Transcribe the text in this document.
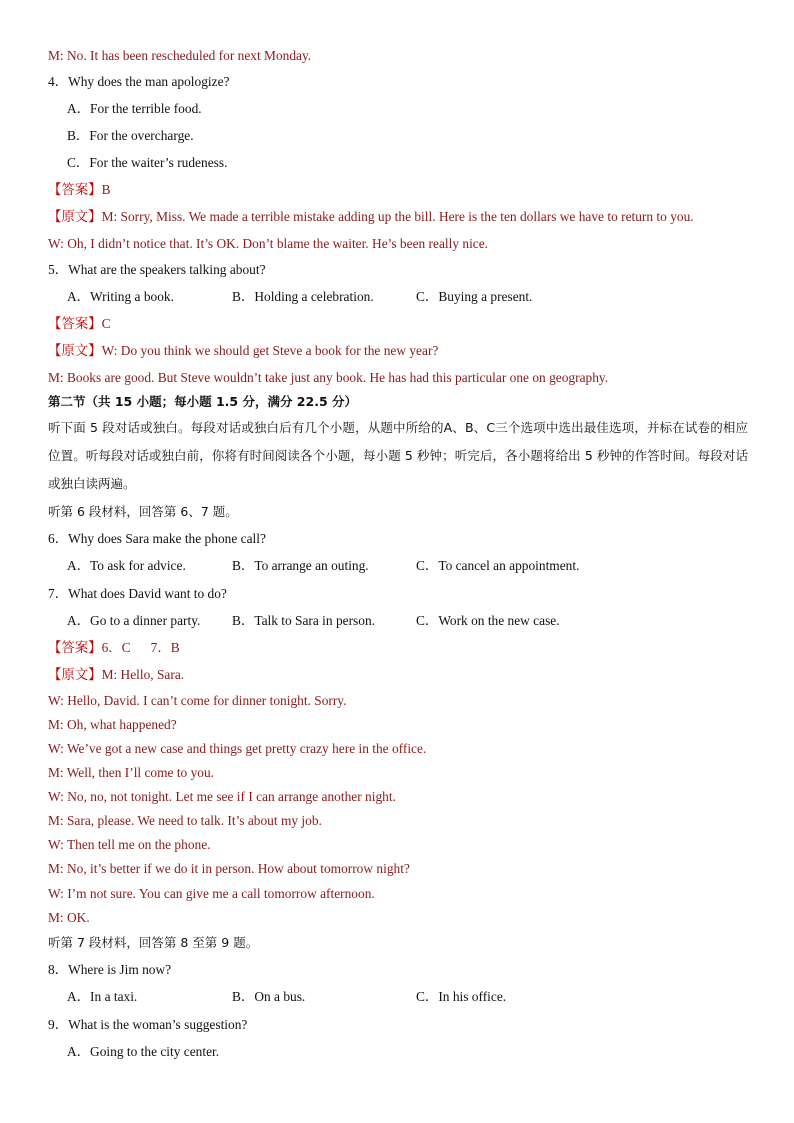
M: No. It has been rescheduled for next Monday.
4．Why does the man apologize?
A．For the terrible food.
B．For the overcharge.
C．For the waiter’s rudeness.
【答案】B
【原文】M: Sorry, Miss. We made a terrible mistake adding up the bill. Here is the ten dollars we have to return to you.
W: Oh, I didn’t notice that. It’s OK. Don’t blame the waiter. He’s been really nice.
5．What are the speakers talking about?
A．Writing a book.	B．Holding a celebration.	C．Buying a present.
【答案】C
【原文】W: Do you think we should get Steve a book for the new year?
M: Books are good. But Steve wouldn’t take just any book. He has had this particular one on geography.
第二节（共 15 小题；每小题 1.5 分，满分 22.5 分）
听下面 5 段对话或独白。每段对话或独白后有几个小题，从题中所给的A、B、C三个选项中选出最佳选项，并标在试卷的相应位置。听每段对话或独白前，你将有时间阅读各个小题，每小题 5 秒钟；听完后，各小题将给出 5 秒钟的作答时间。每段对话或独白读两遍。
听第 6 段材料，回答第 6、7 题。
6．Why does Sara make the phone call?
A．To ask for advice.	B．To arrange an outing.	C．To cancel an appointment.
7．What does David want to do?
A．Go to a dinner party. B．Talk to Sara in person.	C．Work on the new case.
【答案】6．C      7．B
【原文】M: Hello, Sara.
W: Hello, David. I can’t come for dinner tonight. Sorry.
M: Oh, what happened?
W: We’ve got a new case and things get pretty crazy here in the office.
M: Well, then I’ll come to you.
W: No, no, not tonight. Let me see if I can arrange another night.
M: Sara, please. We need to talk. It’s about my job.
W: Then tell me on the phone.
M: No, it’s better if we do it in person. How about tomorrow night?
W: I’m not sure. You can give me a call tomorrow afternoon.
M: OK.
听第 7 段材料，回答第 8 至第 9 题。
8．Where is Jim now?
A．In a taxi.	B．On a bus.	C．In his office.
9．What is the woman’s suggestion?
A．Going to the city center.
